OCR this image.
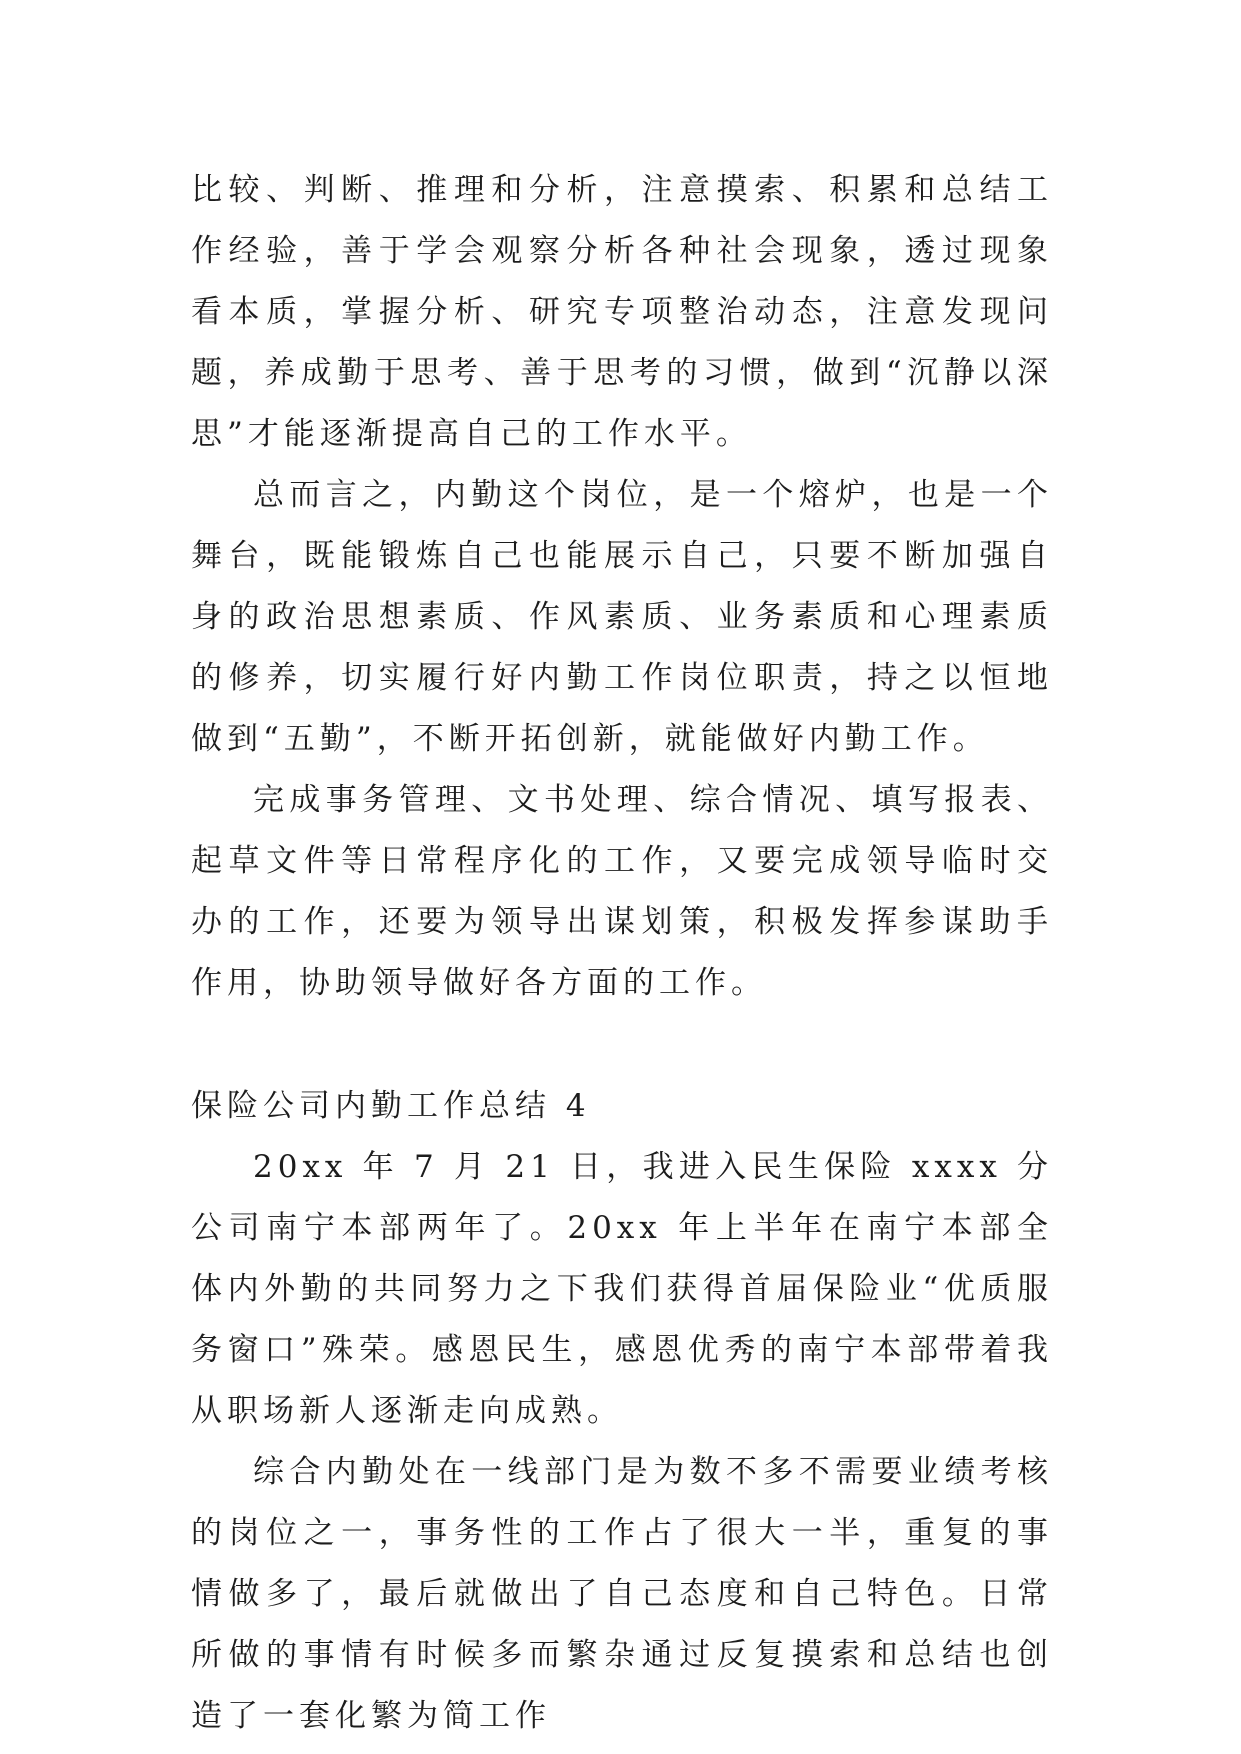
比较、判断、推理和分析，注意摸索、积累和总结工作经验，善于学会观察分析各种社会现象，透过现象看本质，掌握分析、研究专项整治动态，注意发现问题，养成勤于思考、善于思考的习惯，做到“沉静以深思”才能逐渐提高自己的工作水平。

总而言之，内勤这个岗位，是一个熔炉，也是一个舞台，既能锻炼自己也能展示自己，只要不断加强自身的政治思想素质、作风素质、业务素质和心理素质的修养，切实履行好内勤工作岗位职责，持之以恒地做到“五勤”，不断开拓创新，就能做好内勤工作。

完成事务管理、文书处理、综合情况、填写报表、起草文件等日常程序化的工作，又要完成领导临时交办的工作，还要为领导出谋划策，积极发挥参谋助手作用，协助领导做好各方面的工作。

保险公司内勤工作总结 4

20xx 年 7 月 21 日，我进入民生保险 xxxx 分公司南宁本部两年了。20xx 年上半年在南宁本部全体内外勤的共同努力之下我们获得首届保险业“优质服务窗口”殊荣。感恩民生，感恩优秀的南宁本部带着我从职场新人逐渐走向成熟。

综合内勤处在一线部门是为数不多不需要业绩考核的岗位之一，事务性的工作占了很大一半，重复的事情做多了，最后就做出了自己态度和自己特色。日常所做的事情有时候多而繁杂通过反复摸索和总结也创造了一套化繁为简工作
